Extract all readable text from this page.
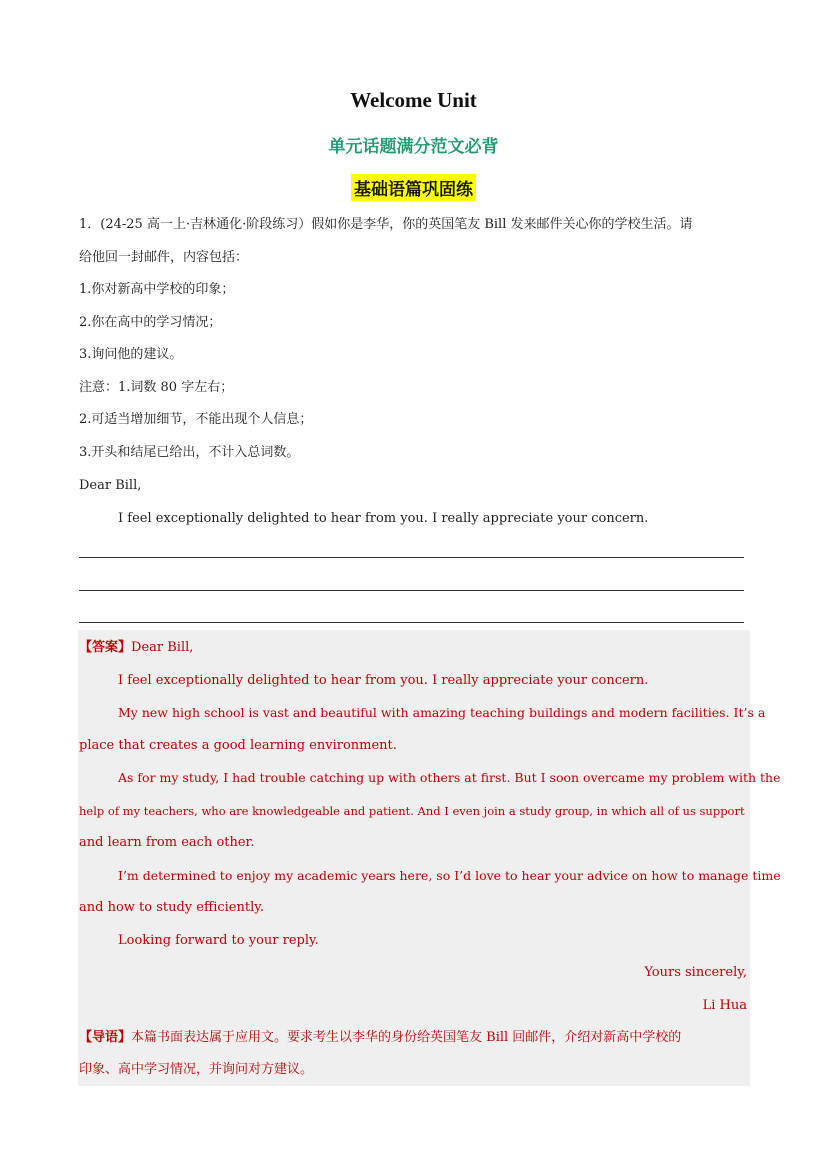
Welcome Unit
单元话题满分范文必背
基础语篇巩固练
1．(24-25 高一上·吉林通化·阶段练习）假如你是李华，你的英国笔友 Bill 发来邮件关心你的学校生活。请
给他回一封邮件，内容包括：
1.你对新高中学校的印象；
2.你在高中的学习情况；
3.询问他的建议。
注意：1.词数 80 字左右；
2.可适当增加细节，不能出现个人信息；
3.开头和结尾已给出，不计入总词数。
Dear Bill,
I feel exceptionally delighted to hear from you. I really appreciate your concern.
【答案】Dear Bill,
I feel exceptionally delighted to hear from you. I really appreciate your concern.
My new high school is vast and beautiful with amazing teaching buildings and modern facilities. It’s a
place that creates a good learning environment.
As for my study, I had trouble catching up with others at first. But I soon overcame my problem with the
help of my teachers, who are knowledgeable and patient. And I even join a study group, in which all of us support
and learn from each other.
I’m determined to enjoy my academic years here, so I’d love to hear your advice on how to manage time
and how to study efficiently.
Looking forward to your reply.
Yours sincerely,
Li Hua
【导语】本篇书面表达属于应用文。要求考生以李华的身份给英国笔友 Bill 回邮件，介绍对新高中学校的
印象、高中学习情况，并询问对方建议。
